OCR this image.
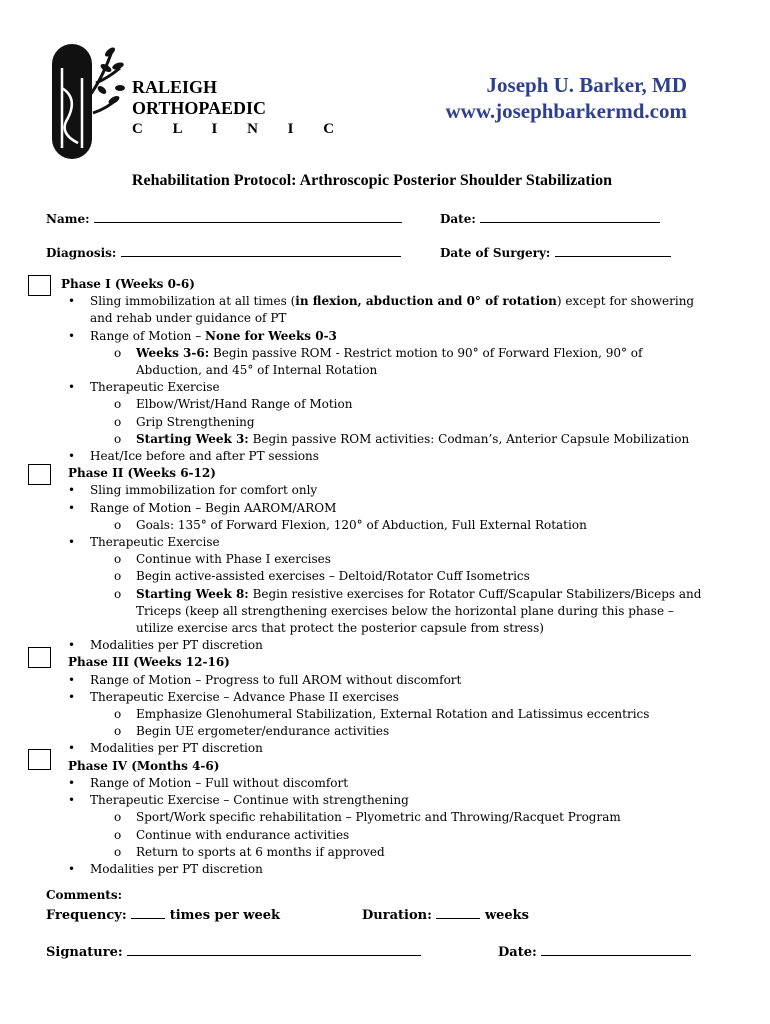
RALEIGH
ORTHOPAEDIC
C L I N I C
Joseph U. Barker, MD
www.josephbarkermd.com
Rehabilitation Protocol: Arthroscopic Posterior Shoulder Stabilization
Name:	Date:
Diagnosis:	Date of Surgery:
Phase I (Weeks 0-6)
• Sling immobilization at all times (in flexion, abduction and 0° of rotation) except for showering and rehab under guidance of PT
• Range of Motion – None for Weeks 0-3
o Weeks 3-6: Begin passive ROM - Restrict motion to 90° of Forward Flexion, 90° of Abduction, and 45° of Internal Rotation
• Therapeutic Exercise
o Elbow/Wrist/Hand Range of Motion
o Grip Strengthening
o Starting Week 3: Begin passive ROM activities: Codman’s, Anterior Capsule Mobilization
• Heat/Ice before and after PT sessions
Phase II (Weeks 6-12)
• Sling immobilization for comfort only
• Range of Motion – Begin AAROM/AROM
o Goals: 135° of Forward Flexion, 120° of Abduction, Full External Rotation
• Therapeutic Exercise
o Continue with Phase I exercises
o Begin active-assisted exercises – Deltoid/Rotator Cuff Isometrics
o Starting Week 8: Begin resistive exercises for Rotator Cuff/Scapular Stabilizers/Biceps and Triceps (keep all strengthening exercises below the horizontal plane during this phase – utilize exercise arcs that protect the posterior capsule from stress)
• Modalities per PT discretion
Phase III (Weeks 12-16)
• Range of Motion – Progress to full AROM without discomfort
• Therapeutic Exercise – Advance Phase II exercises
o Emphasize Glenohumeral Stabilization, External Rotation and Latissimus eccentrics
o Begin UE ergometer/endurance activities
• Modalities per PT discretion
Phase IV (Months 4-6)
• Range of Motion – Full without discomfort
• Therapeutic Exercise – Continue with strengthening
o Sport/Work specific rehabilitation – Plyometric and Throwing/Racquet Program
o Continue with endurance activities
o Return to sports at 6 months if approved
• Modalities per PT discretion
Comments:
Frequency:	times per week	Duration:	weeks
Signature:	Date:
